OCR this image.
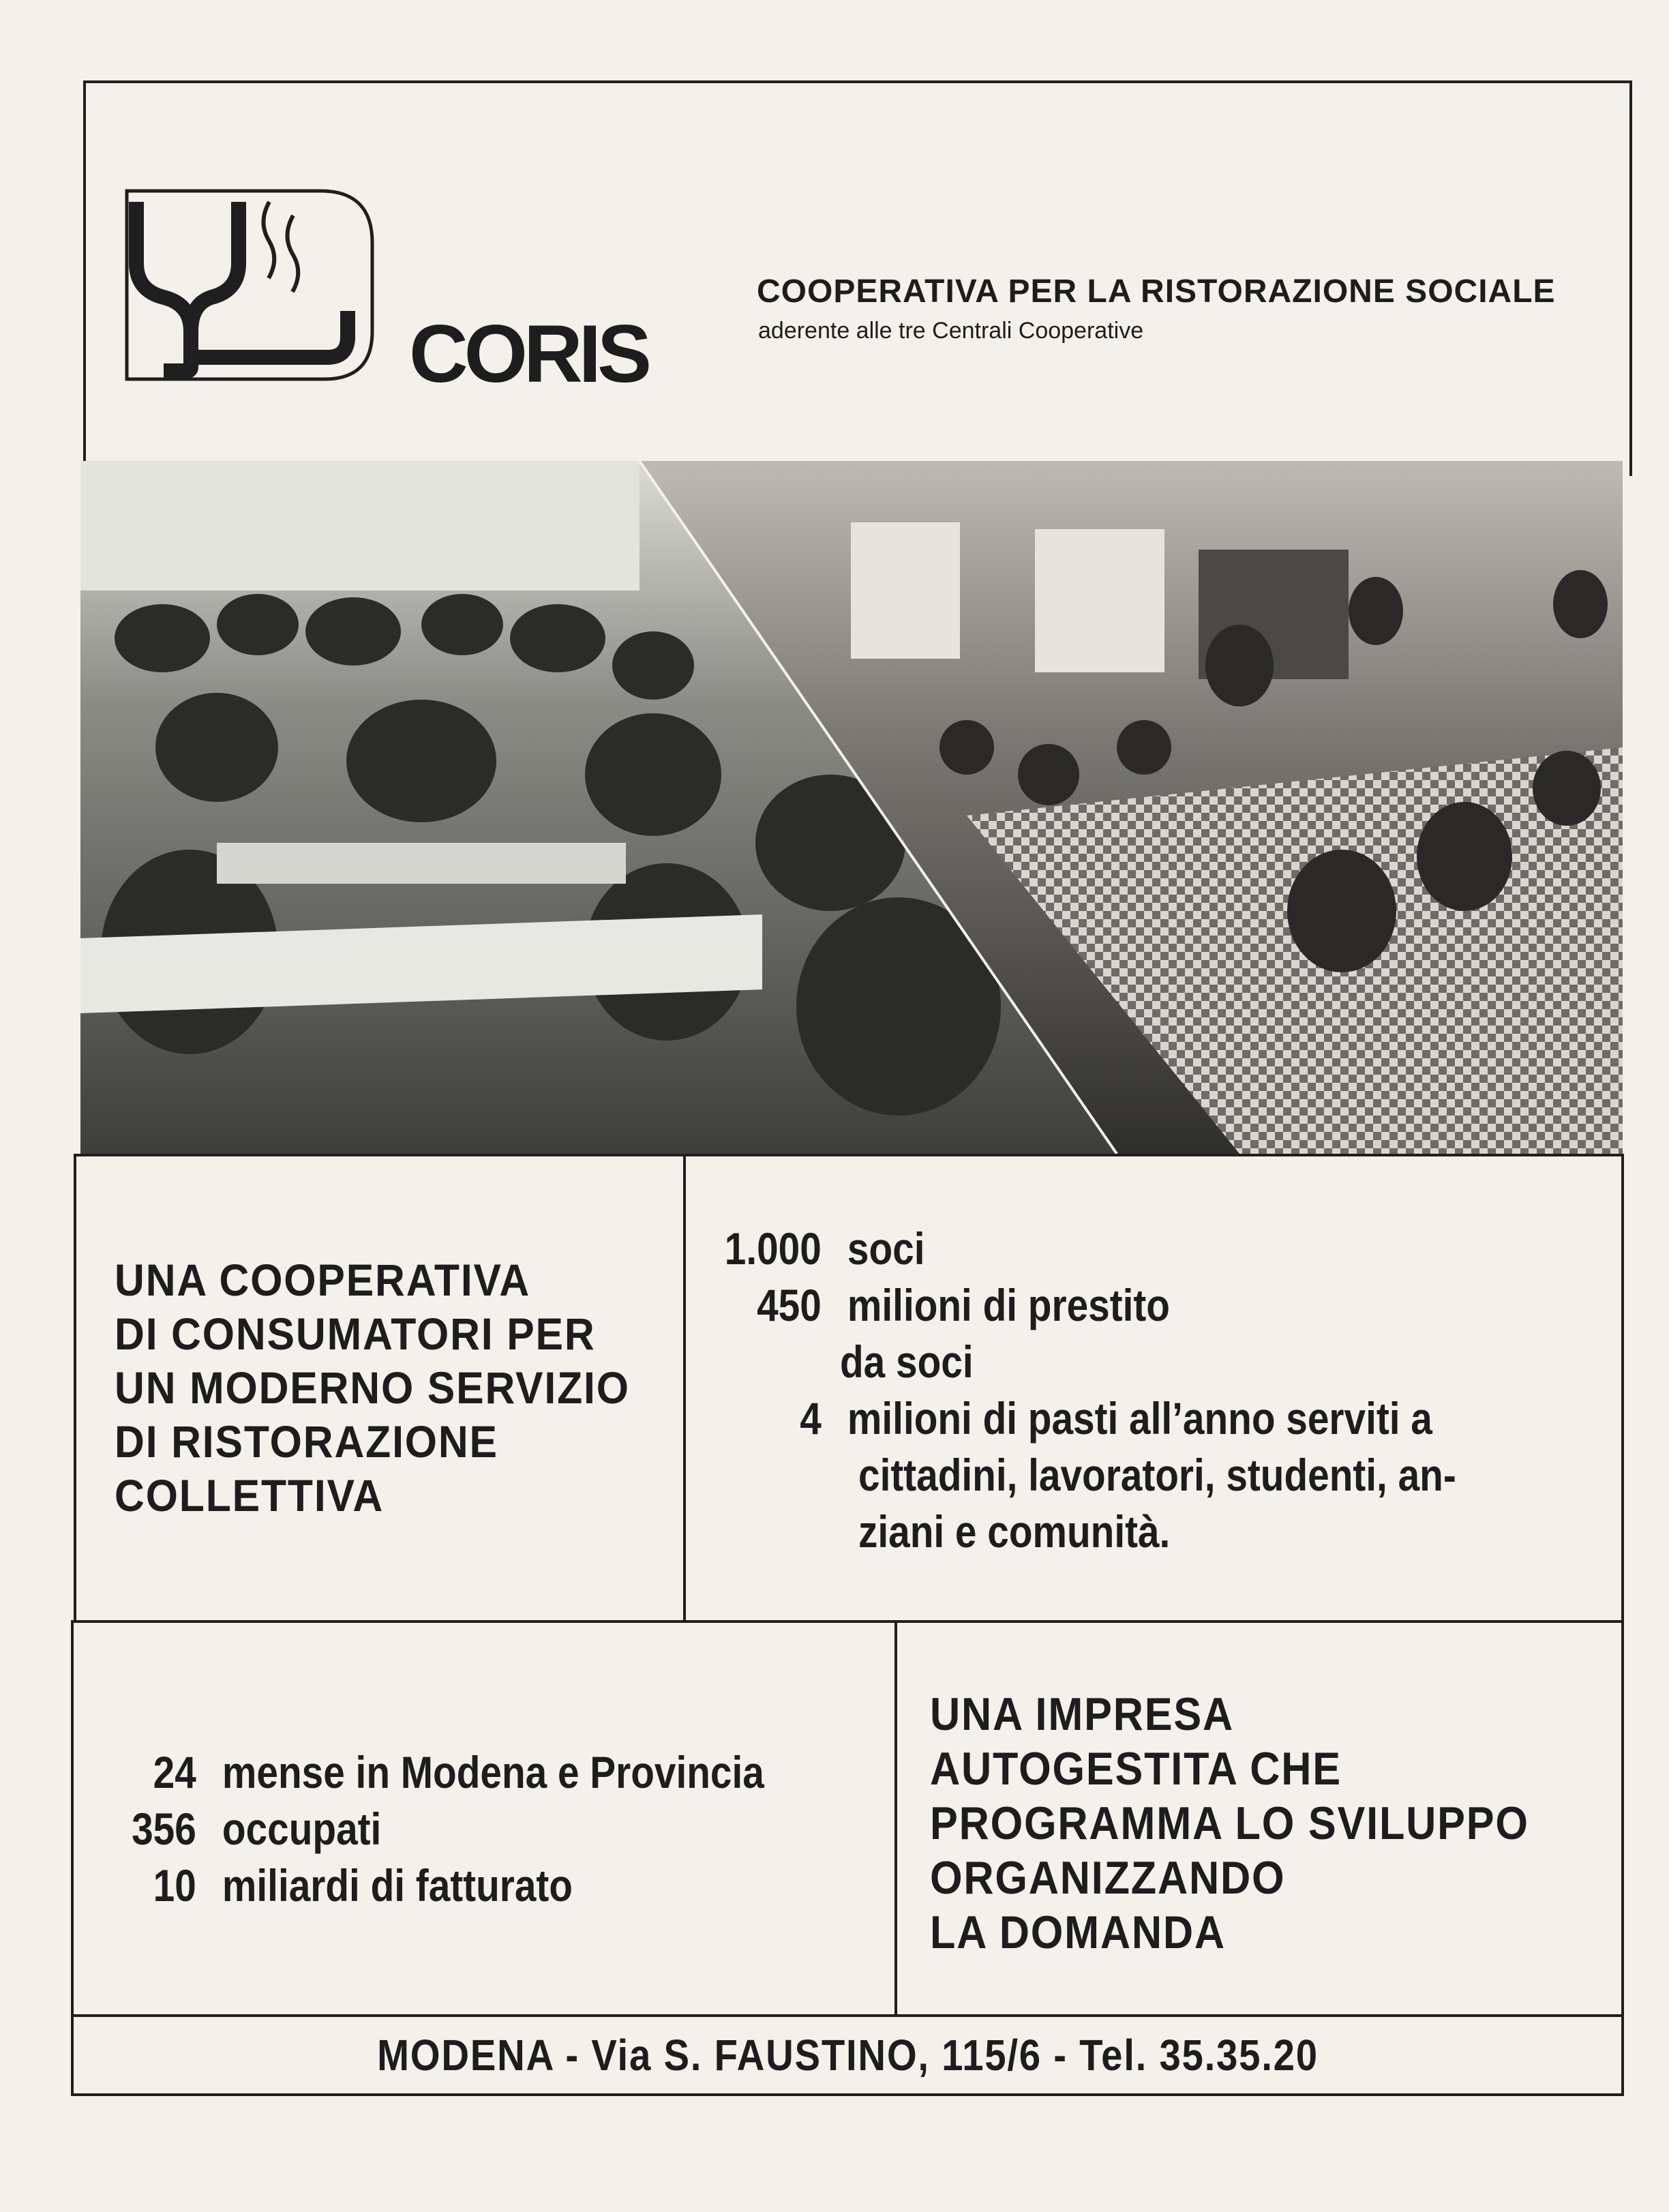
CORIS
COOPERATIVA PER LA RISTORAZIONE SOCIALE
aderente alle tre Centrali Cooperative
UNA COOPERATIVA
DI CONSUMATORI PER
UN MODERNO SERVIZIO
DI RISTORAZIONE
COLLETTIVA
1.000 soci
450 milioni di prestito
da soci
4 milioni di pasti all’anno serviti a
cittadini, lavoratori, studenti, an-
ziani e comunità.
24 mense in Modena e Provincia
356 occupati
10 miliardi di fatturato
UNA IMPRESA
AUTOGESTITA CHE
PROGRAMMA LO SVILUPPO
ORGANIZZANDO
LA DOMANDA
MODENA - Via S. FAUSTINO, 115/6 - Tel. 35.35.20
